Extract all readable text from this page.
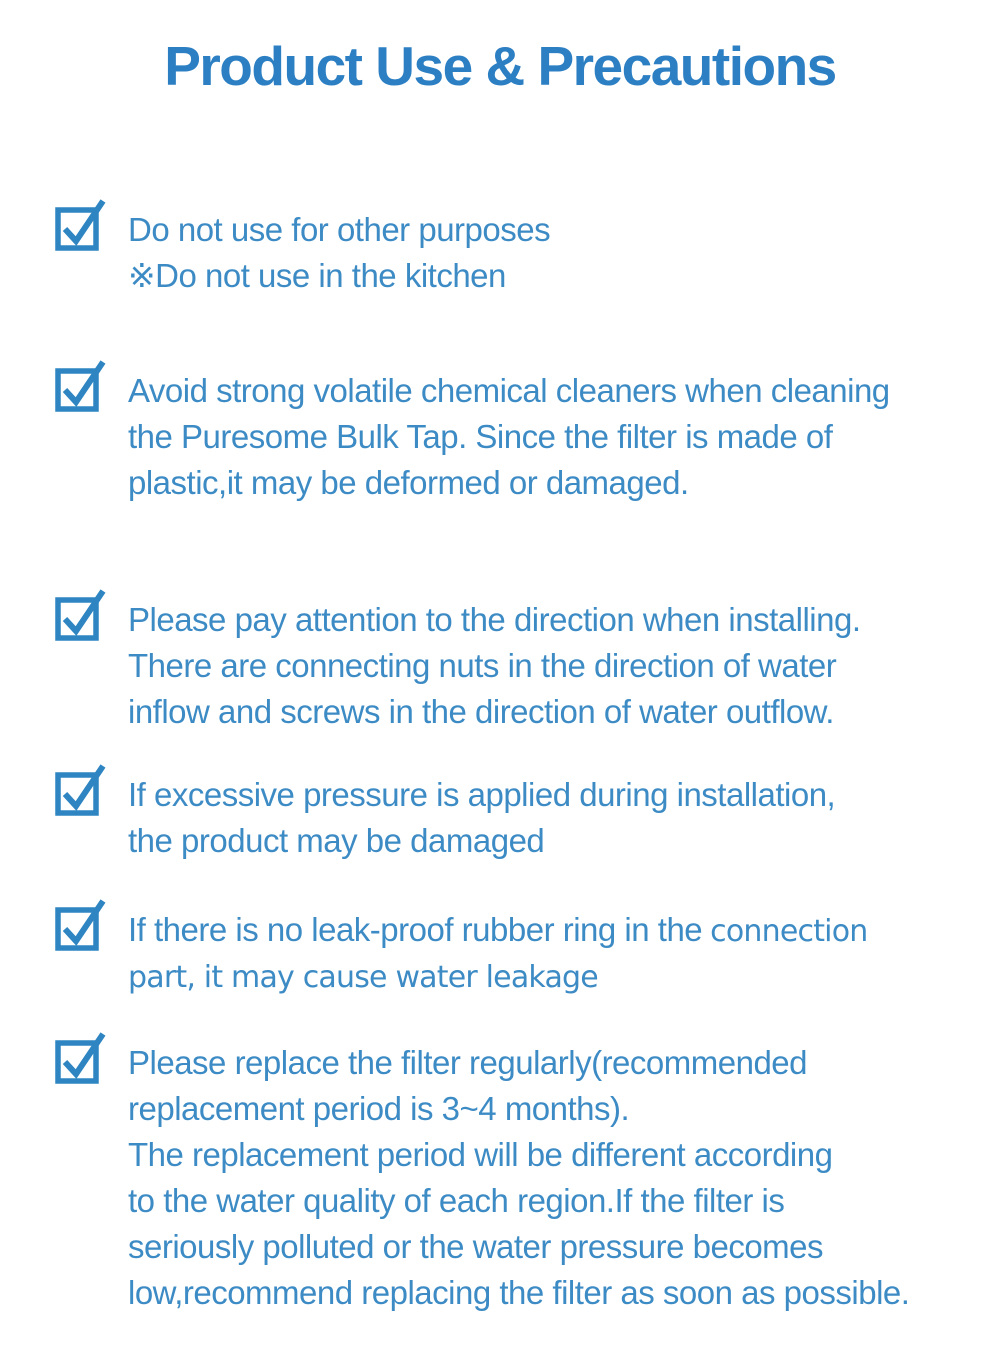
Product Use & Precautions
Do not use for other purposes
※Do not use in the kitchen
Avoid strong volatile chemical cleaners when cleaning
the Puresome Bulk Tap. Since the filter is made of
plastic,it may be deformed or damaged.
Please pay attention to the direction when installing.
There are connecting nuts in the direction of water
inflow and screws in the direction of water outflow.
If excessive pressure is applied during installation,
the product may be damaged
If there is no leak-proof rubber ring in the connection
part, it may cause water leakage
Please replace the filter regularly(recommended
replacement period is 3~4 months).
The replacement period will be different according
to the water quality of each region.If the filter is
seriously polluted or the water pressure becomes
low,recommend replacing the filter as soon as possible.
